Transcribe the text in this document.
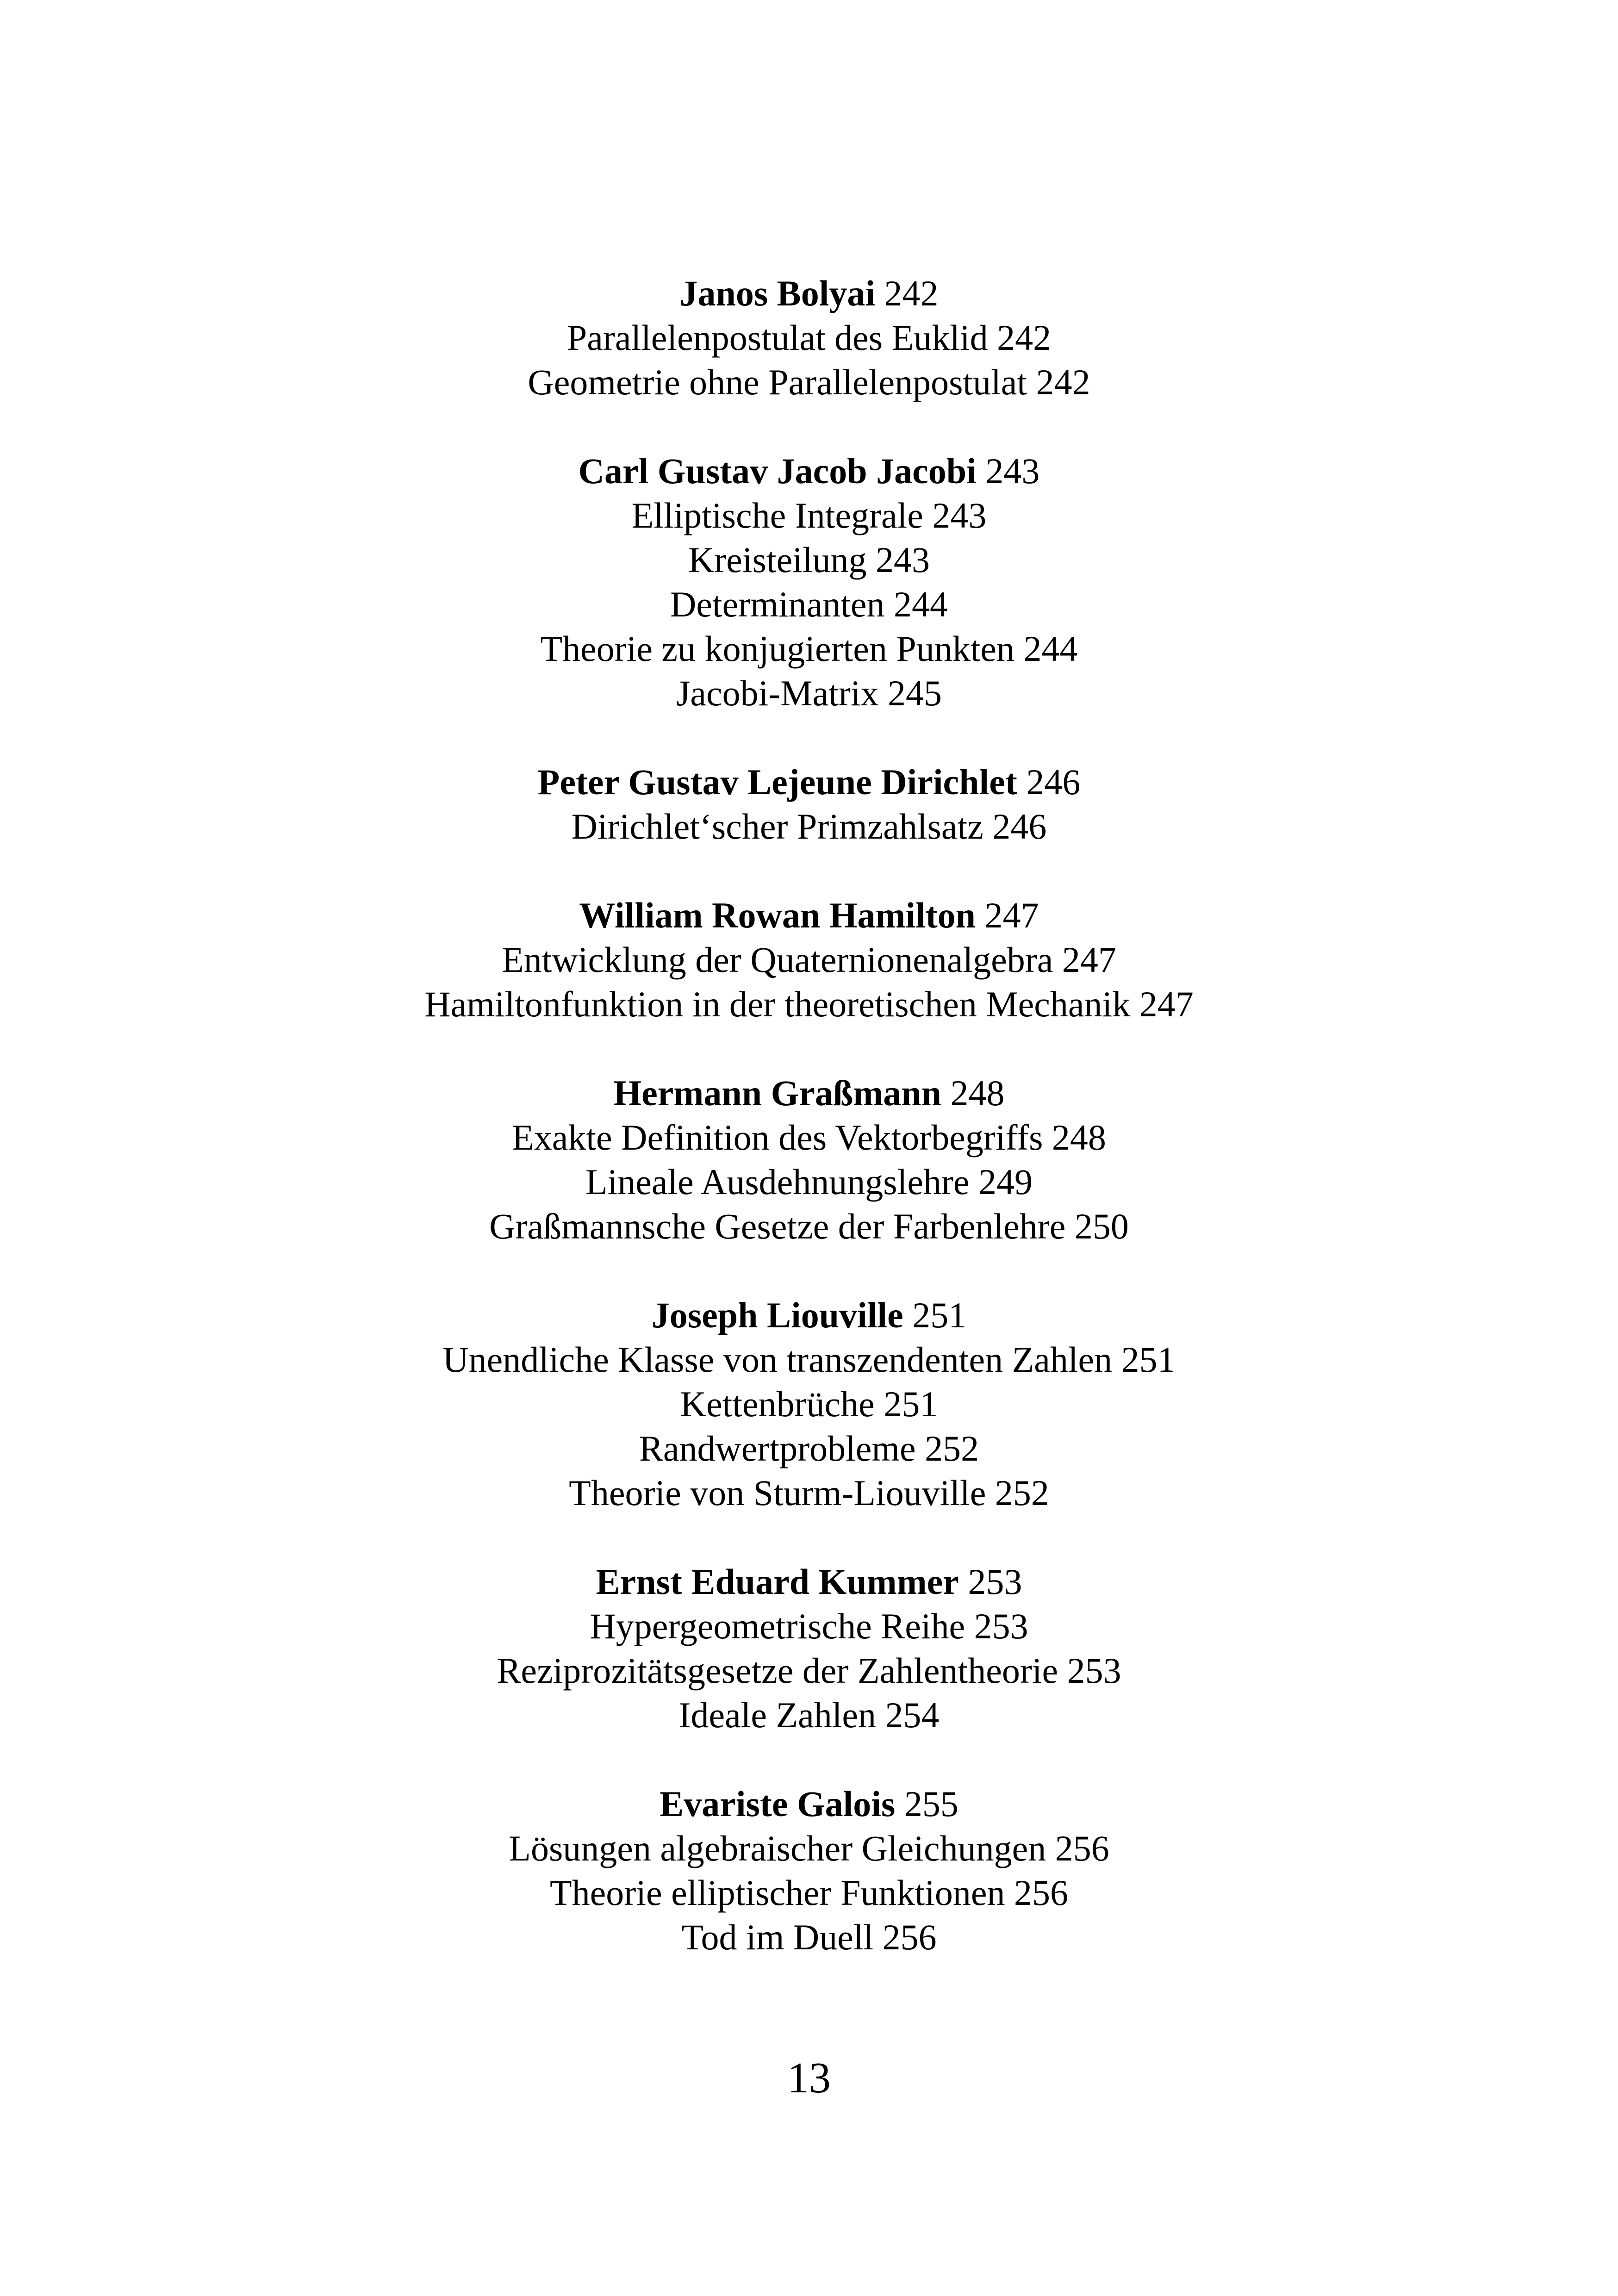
Janos Bolyai 242
Parallelenpostulat des Euklid 242
Geometrie ohne Parallelenpostulat 242
Carl Gustav Jacob Jacobi 243
Elliptische Integrale 243
Kreisteilung 243
Determinanten 244
Theorie zu konjugierten Punkten 244
Jacobi-Matrix 245
Peter Gustav Lejeune Dirichlet 246
Dirichlet‘scher Primzahlsatz 246
William Rowan Hamilton 247
Entwicklung der Quaternionenalgebra 247
Hamiltonfunktion in der theoretischen Mechanik 247
Hermann Graßmann 248
Exakte Definition des Vektorbegriffs 248
Lineale Ausdehnungslehre 249
Graßmannsche Gesetze der Farbenlehre 250
Joseph Liouville 251
Unendliche Klasse von transzendenten Zahlen 251
Kettenbrüche 251
Randwertprobleme 252
Theorie von Sturm-Liouville 252
Ernst Eduard Kummer 253
Hypergeometrische Reihe 253
Reziprozitätsgesetze der Zahlentheorie 253
Ideale Zahlen 254
Evariste Galois 255
Lösungen algebraischer Gleichungen 256
Theorie elliptischer Funktionen 256
Tod im Duell 256
13
